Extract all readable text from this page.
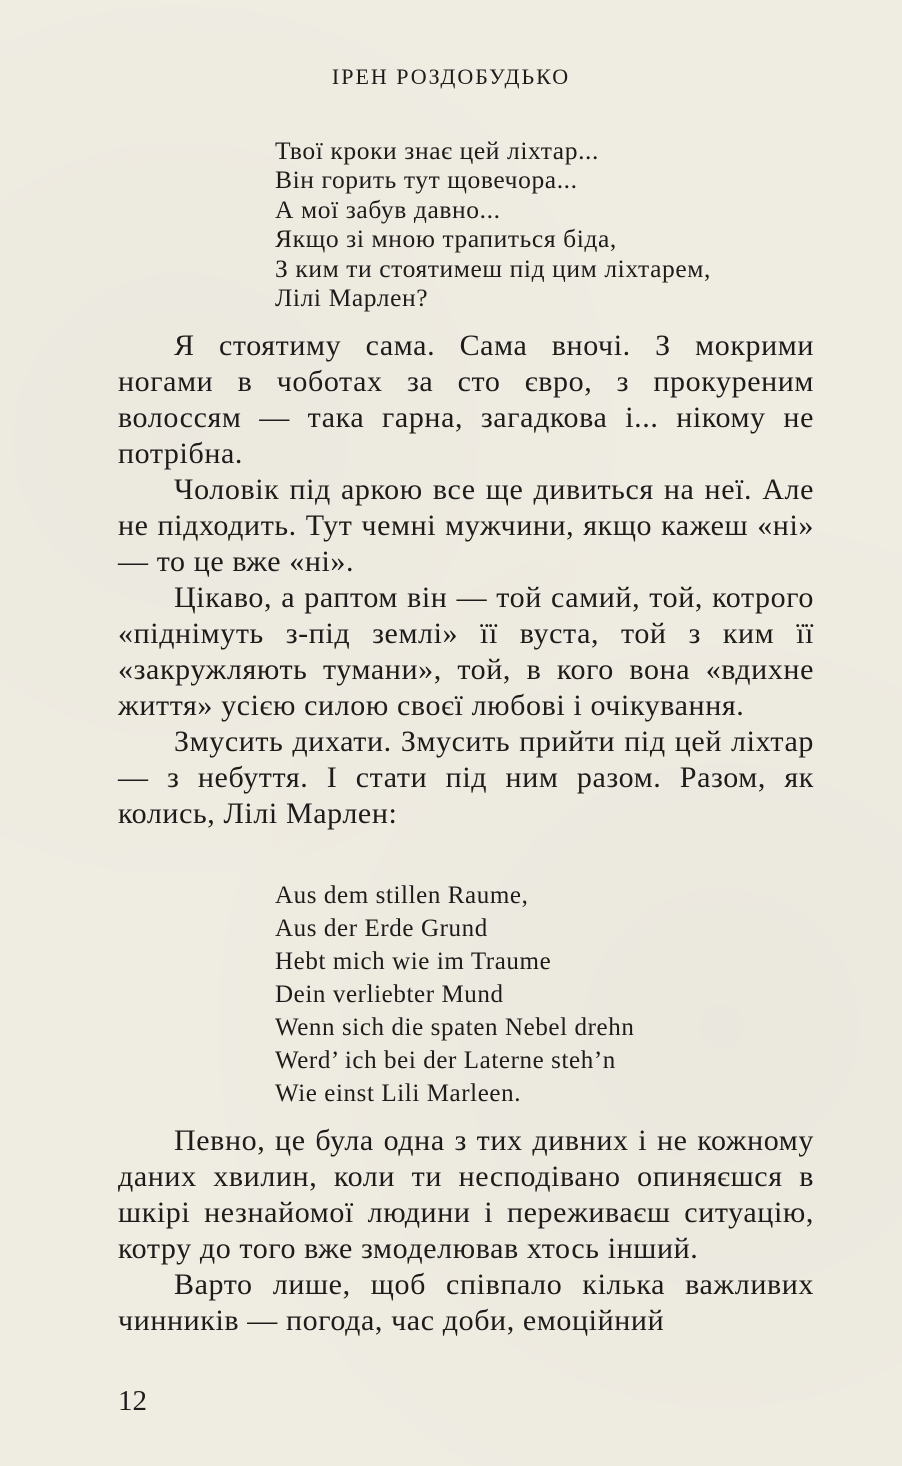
ІРЕН РОЗДОБУДЬКО
Твої кроки знає цей ліхтар...
Він горить тут щовечора...
А мої забув давно...
Якщо зі мною трапиться біда,
З ким ти стоятимеш під цим ліхтарем,
Лілі Марлен?

Я стоятиму сама. Сама вночі. З мокрими ногами в чоботах за сто євро, з прокуреним волоссям — така гарна, загадкова і... нікому не потрібна.

Чоловік під аркою все ще дивиться на неї. Але не підходить. Тут чемні мужчини, якщо кажеш «ні» — то це вже «ні».

Цікаво, а раптом він — той самий, той, котрого «піднімуть з-під землі» її вуста, той з ким її «закружляють тумани», той, в кого вона «вдихне життя» усією силою своєї любові і очікування.

Змусить дихати. Змусить прийти під цей ліхтар — з небуття. І стати під ним разом. Разом, як колись, Лілі Марлен:

Aus dem stillen Raume,
Aus der Erde Grund
Hebt mich wie im Traume
Dein verliebter Mund
Wenn sich die spaten Nebel drehn
Werd’ ich bei der Laterne steh’n
Wie einst Lili Marleen.

Певно, це була одна з тих дивних і не кожному даних хвилин, коли ти несподівано опиняєшся в шкірі незнайомої людини і переживаєш ситуацію, котру до того вже змоделював хтось інший.

Варто лише, щоб співпало кілька важливих чинників — погода, час доби, емоційний

12
